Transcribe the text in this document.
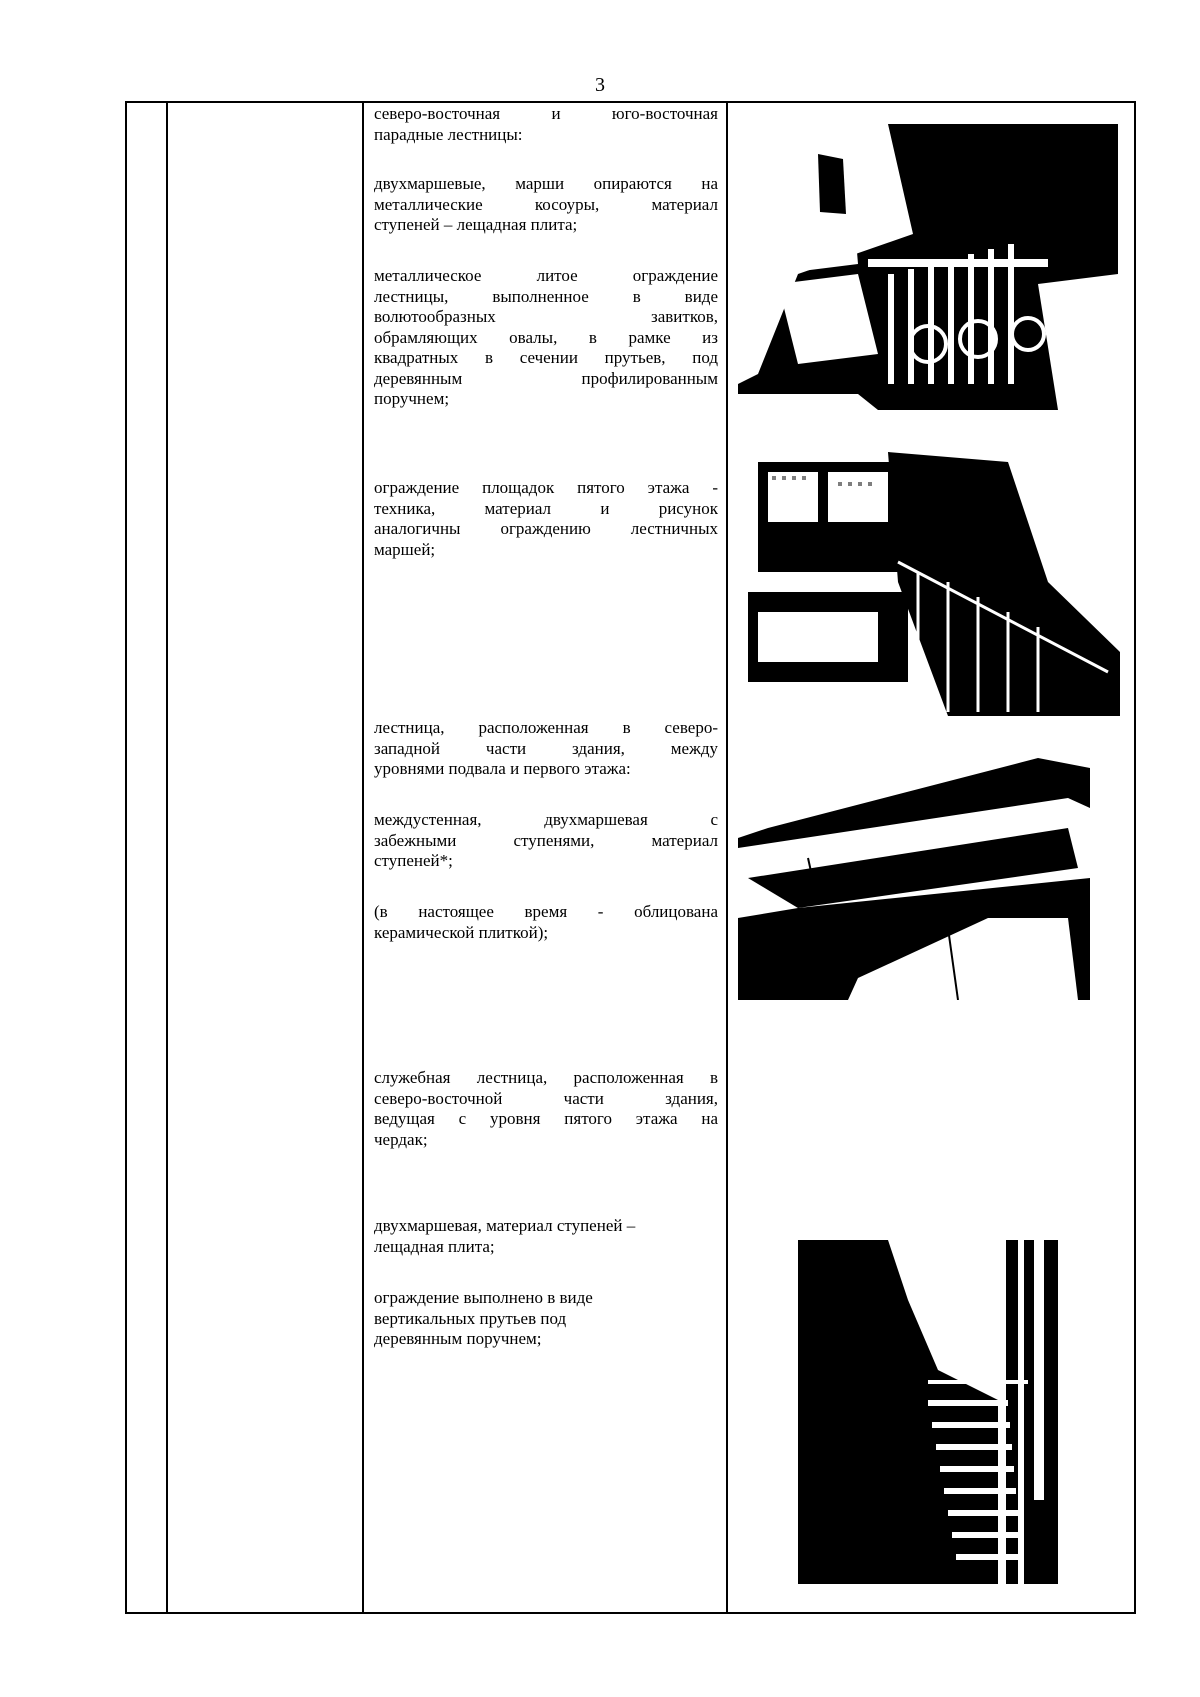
3
северо-восточная и юго-восточная
парадные лестницы:
двухмаршевые, марши опираются на
металлические косоуры, материал
ступеней – лещадная плита;
металлическое литое ограждение
лестницы, выполненное в виде
волютообразных завитков,
обрамляющих овалы, в рамке из
квадратных в сечении прутьев, под
деревянным профилированным
поручнем;
ограждение площадок пятого этажа -
техника, материал и рисунок
аналогичны ограждению лестничных
маршей;
лестница, расположенная в северо-
западной части здания, между
уровнями подвала и первого этажа:
междустенная, двухмаршевая с
забежными ступенями, материал
ступеней*;
(в настоящее время - облицована
керамической плиткой);
служебная лестница, расположенная в
северо-восточной части здания,
ведущая с уровня пятого этажа на
чердак;
двухмаршевая, материал ступеней –
лещадная плита;
ограждение выполнено в виде
вертикальных прутьев под
деревянным поручнем;
